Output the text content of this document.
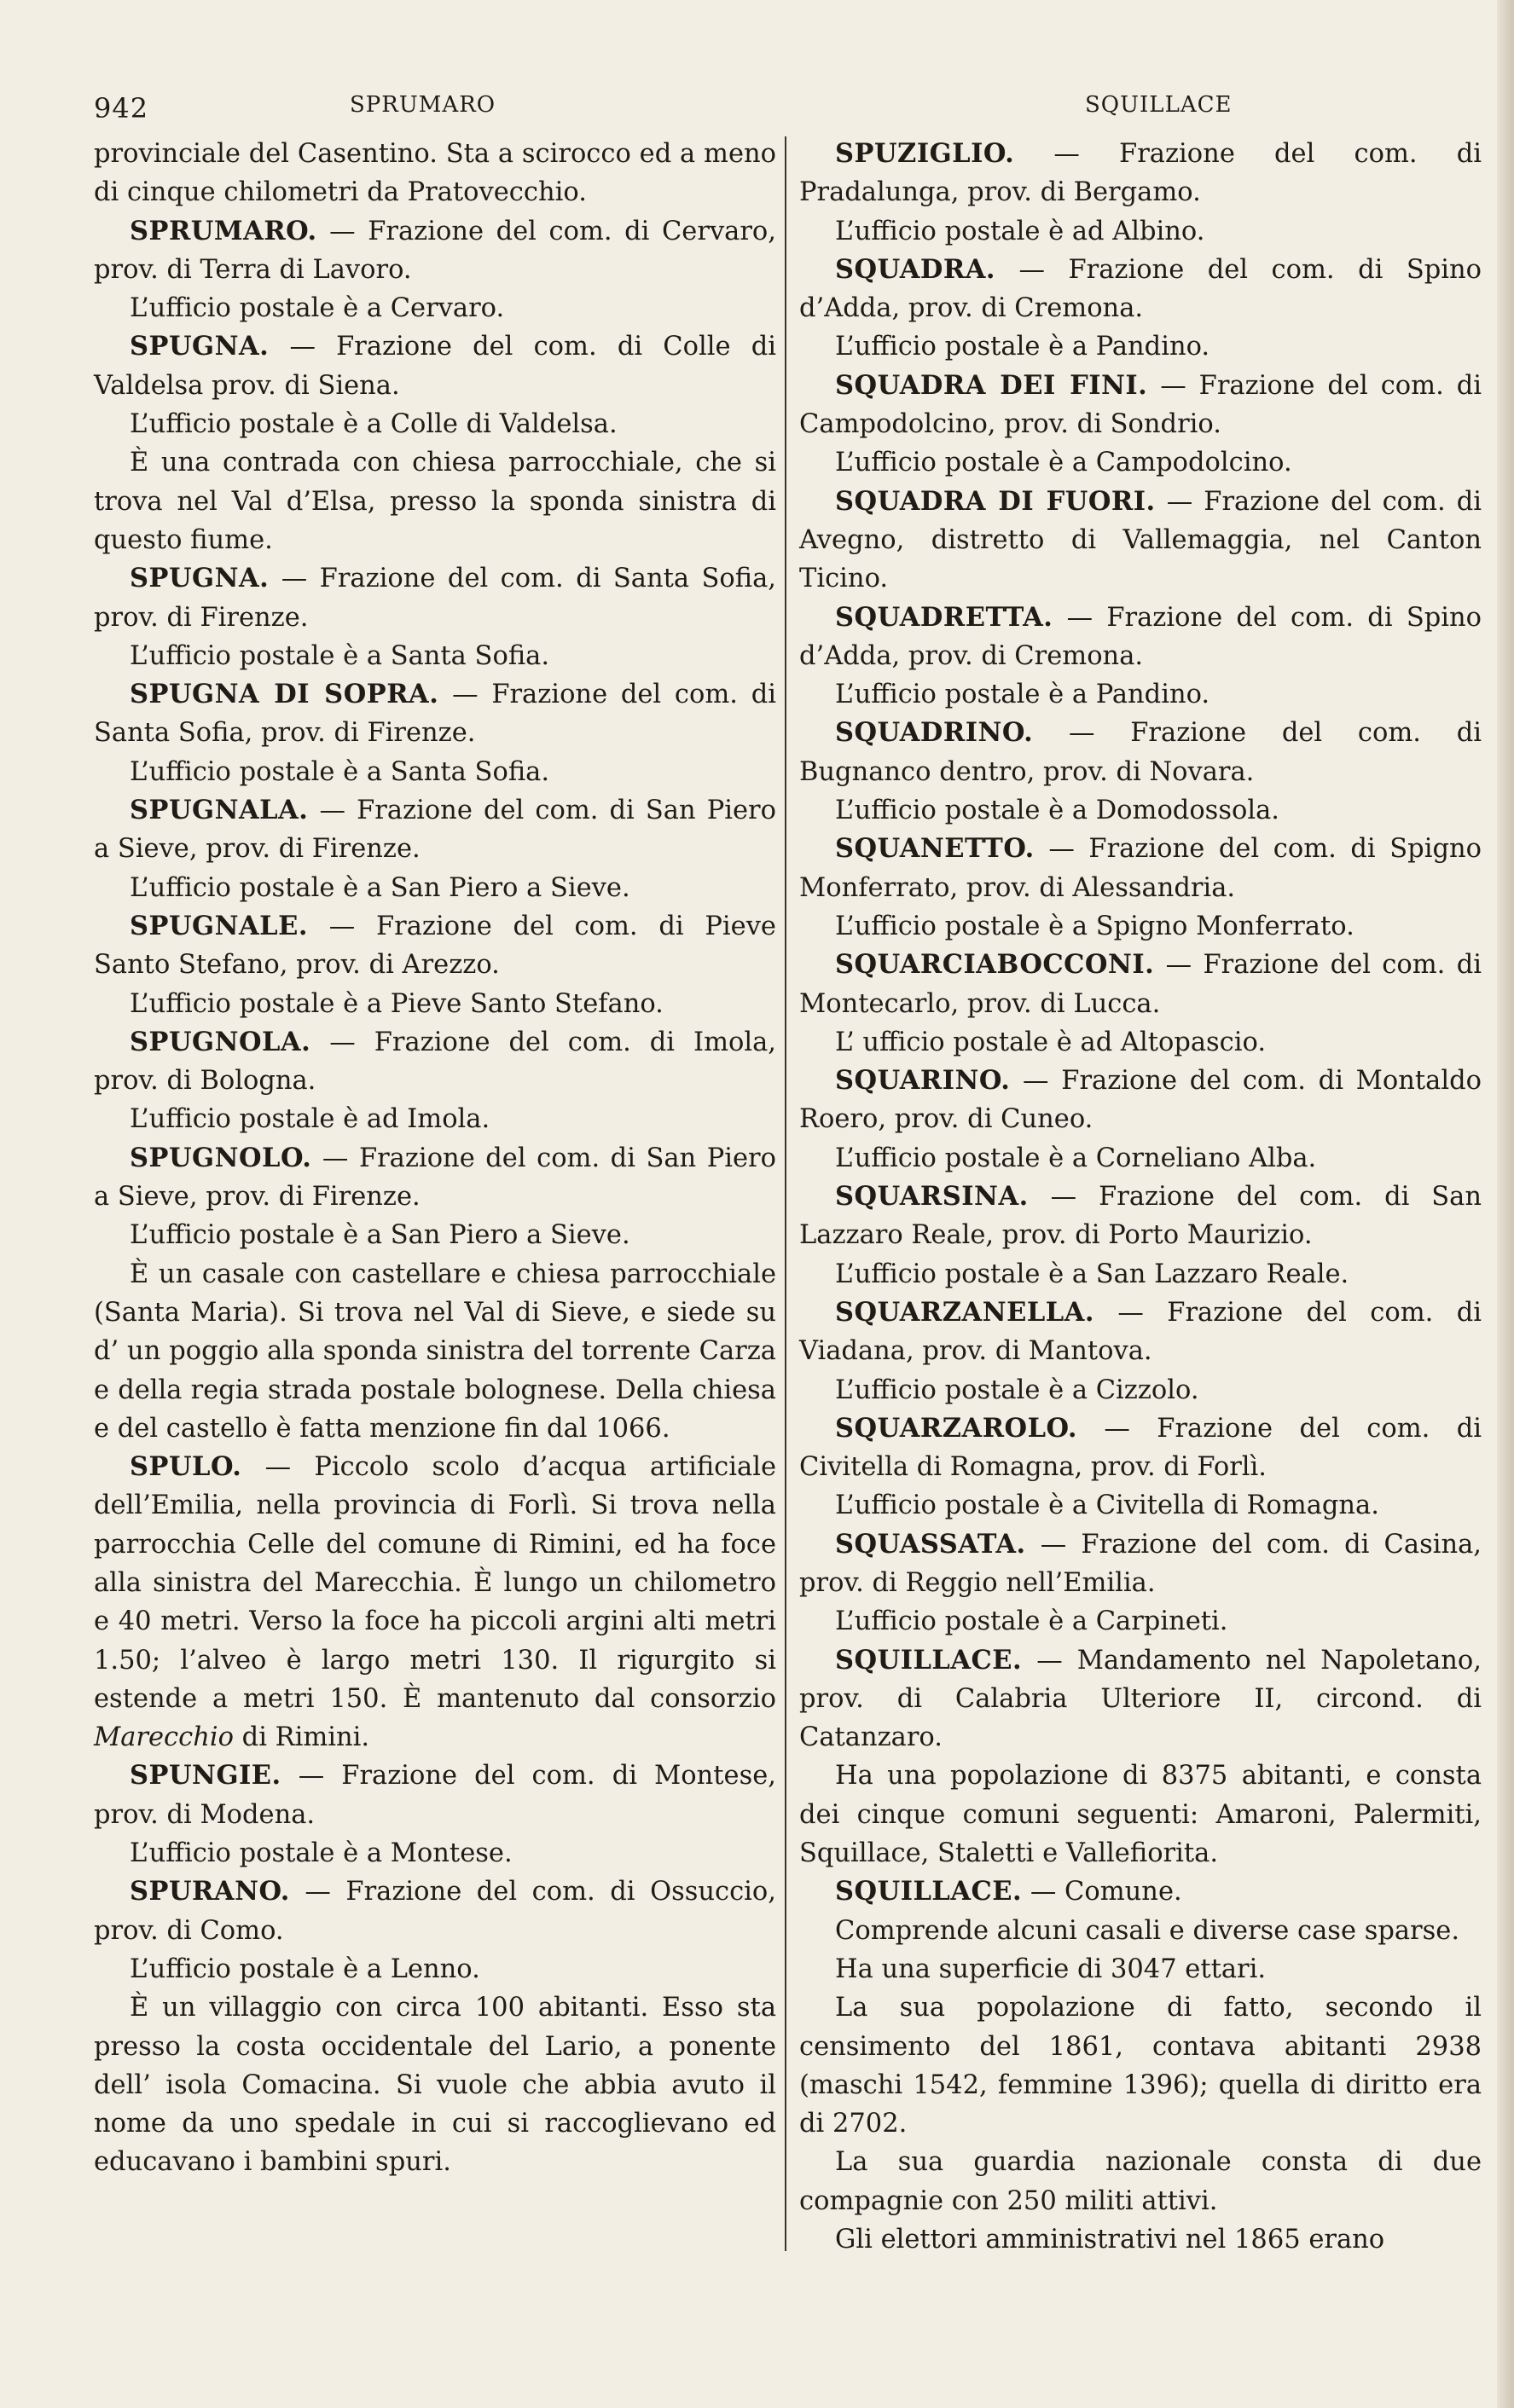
942	SPRUMARO	SQUILLACE

provinciale del Casentino. Sta a scirocco ed a meno di cinque chilometri da Pratovecchio.

SPRUMARO. — Frazione del com. di Cervaro, prov. di Terra di Lavoro.

L’ufficio postale è a Cervaro.

SPUGNA. — Frazione del com. di Colle di Valdelsa prov. di Siena.

L’ufficio postale è a Colle di Valdelsa.

È una contrada con chiesa parrocchiale, che si trova nel Val d’Elsa, presso la sponda sinistra di questo fiume.

SPUGNA. — Frazione del com. di Santa Sofia, prov. di Firenze.

L’ufficio postale è a Santa Sofia.

SPUGNA DI SOPRA. — Frazione del com. di Santa Sofia, prov. di Firenze.

L’ufficio postale è a Santa Sofia.

SPUGNALA. — Frazione del com. di San Piero a Sieve, prov. di Firenze.

L’ufficio postale è a San Piero a Sieve.

SPUGNALE. — Frazione del com. di Pieve Santo Stefano, prov. di Arezzo.

L’ufficio postale è a Pieve Santo Stefano.

SPUGNOLA. — Frazione del com. di Imola, prov. di Bologna.

L’ufficio postale è ad Imola.

SPUGNOLO. — Frazione del com. di San Piero a Sieve, prov. di Firenze.

L’ufficio postale è a San Piero a Sieve.

È un casale con castellare e chiesa parrocchiale (Santa Maria). Si trova nel Val di Sieve, e siede su d’ un poggio alla sponda sinistra del torrente Carza e della regia strada postale bolognese. Della chiesa e del castello è fatta menzione fin dal 1066.

SPULO. — Piccolo scolo d’acqua artificiale dell’Emilia, nella provincia di Forlì. Si trova nella parrocchia Celle del comune di Rimini, ed ha foce alla sinistra del Marecchia. È lungo un chilometro e 40 metri. Verso la foce ha piccoli argini alti metri 1.50; l’alveo è largo metri 130. Il rigurgito si estende a metri 150. È mantenuto dal consorzio Marecchio di Rimini.

SPUNGIE. — Frazione del com. di Montese, prov. di Modena.

L’ufficio postale è a Montese.

SPURANO. — Frazione del com. di Ossuccio, prov. di Como.

L’ufficio postale è a Lenno.

È un villaggio con circa 100 abitanti. Esso sta presso la costa occidentale del Lario, a ponente dell’ isola Comacina. Si vuole che abbia avuto il nome da uno spedale in cui si raccoglievano ed educavano i bambini spuri.

SPUZIGLIO. — Frazione del com. di Pradalunga, prov. di Bergamo.

L’ufficio postale è ad Albino.

SQUADRA. — Frazione del com. di Spino d’Adda, prov. di Cremona.

L’ufficio postale è a Pandino.

SQUADRA DEI FINI. — Frazione del com. di Campodolcino, prov. di Sondrio.

L’ufficio postale è a Campodolcino.

SQUADRA DI FUORI. — Frazione del com. di Avegno, distretto di Vallemaggia, nel Canton Ticino.

SQUADRETTA. — Frazione del com. di Spino d’Adda, prov. di Cremona.

L’ufficio postale è a Pandino.

SQUADRINO. — Frazione del com. di Bugnanco dentro, prov. di Novara.

L’ufficio postale è a Domodossola.

SQUANETTO. — Frazione del com. di Spigno Monferrato, prov. di Alessandria.

L’ufficio postale è a Spigno Monferrato.

SQUARCIABOCCONI. — Frazione del com. di Montecarlo, prov. di Lucca.

L’ ufficio postale è ad Altopascio.

SQUARINO. — Frazione del com. di Montaldo Roero, prov. di Cuneo.

L’ufficio postale è a Corneliano Alba.

SQUARSINA. — Frazione del com. di San Lazzaro Reale, prov. di Porto Maurizio.

L’ufficio postale è a San Lazzaro Reale.

SQUARZANELLA. — Frazione del com. di Viadana, prov. di Mantova.

L’ufficio postale è a Cizzolo.

SQUARZAROLO. — Frazione del com. di Civitella di Romagna, prov. di Forlì.

L’ufficio postale è a Civitella di Romagna.

SQUASSATA. — Frazione del com. di Casina, prov. di Reggio nell’Emilia.

L’ufficio postale è a Carpineti.

SQUILLACE. — Mandamento nel Napoletano, prov. di Calabria Ulteriore II, circond. di Catanzaro.

Ha una popolazione di 8375 abitanti, e consta dei cinque comuni seguenti: Amaroni, Palermiti, Squillace, Staletti e Vallefiorita.

SQUILLACE. — Comune.

Comprende alcuni casali e diverse case sparse.

Ha una superficie di 3047 ettari.

La sua popolazione di fatto, secondo il censimento del 1861, contava abitanti 2938 (maschi 1542, femmine 1396); quella di diritto era di 2702.

La sua guardia nazionale consta di due compagnie con 250 militi attivi.

Gli elettori amministrativi nel 1865 erano
